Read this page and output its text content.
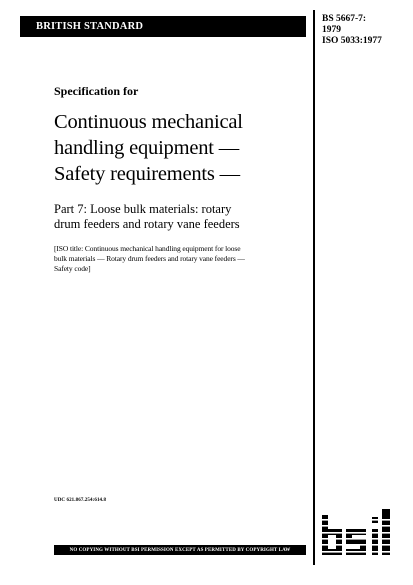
BRITISH STANDARD
BS 5667-7:
1979
ISO 5033:1977
Specification for
Continuous mechanical
handling equipment —
Safety requirements —
Part 7: Loose bulk materials: rotary
drum feeders and rotary vane feeders
[ISO title: Continuous mechanical handling equipment for loose
bulk materials — Rotary drum feeders and rotary vane feeders —
Safety code]
UDC 621.867.254:614.8
NO COPYING WITHOUT BSI PERMISSION EXCEPT AS PERMITTED BY COPYRIGHT LAW
